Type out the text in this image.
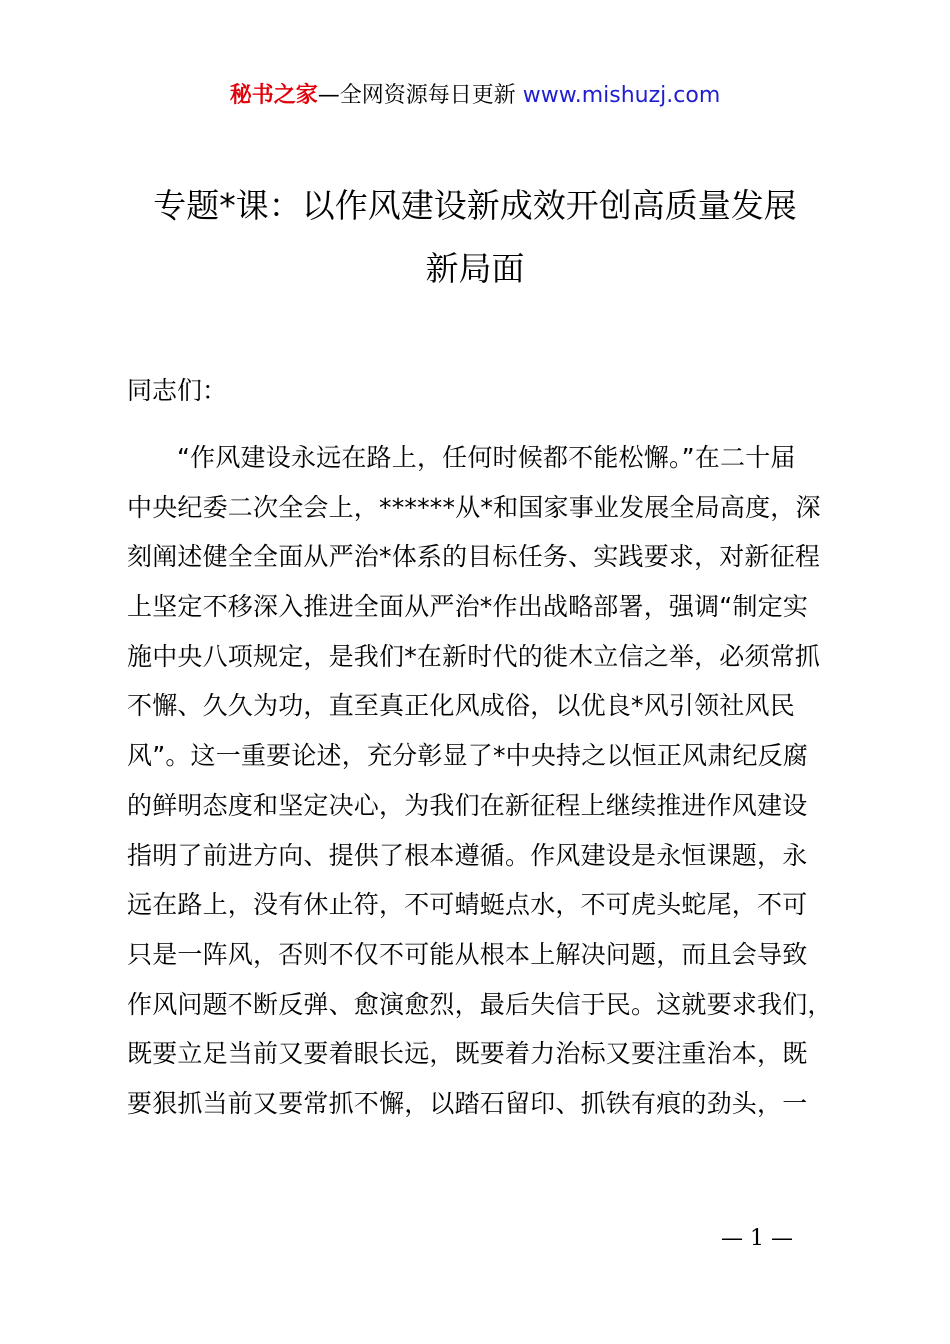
秘书之家—全网资源每日更新 www.mishuzj.com
专题*课：以作风建设新成效开创高质量发展
新局面
同志们：
“作风建设永远在路上，任何时候都不能松懈。”在二十届
中央纪委二次全会上，******从*和国家事业发展全局高度，深
刻阐述健全全面从严治*体系的目标任务、实践要求，对新征程
上坚定不移深入推进全面从严治*作出战略部署，强调“制定实
施中央八项规定，是我们*在新时代的徙木立信之举，必须常抓
不懈、久久为功，直至真正化风成俗，以优良*风引领社风民
风”。这一重要论述，充分彰显了*中央持之以恒正风肃纪反腐
的鲜明态度和坚定决心，为我们在新征程上继续推进作风建设
指明了前进方向、提供了根本遵循。作风建设是永恒课题，永
远在路上，没有休止符，不可蜻蜓点水，不可虎头蛇尾，不可
只是一阵风，否则不仅不可能从根本上解决问题，而且会导致
作风问题不断反弹、愈演愈烈，最后失信于民。这就要求我们，
既要立足当前又要着眼长远，既要着力治标又要注重治本，既
要狠抓当前又要常抓不懈，以踏石留印、抓铁有痕的劲头，一
— 1 —
